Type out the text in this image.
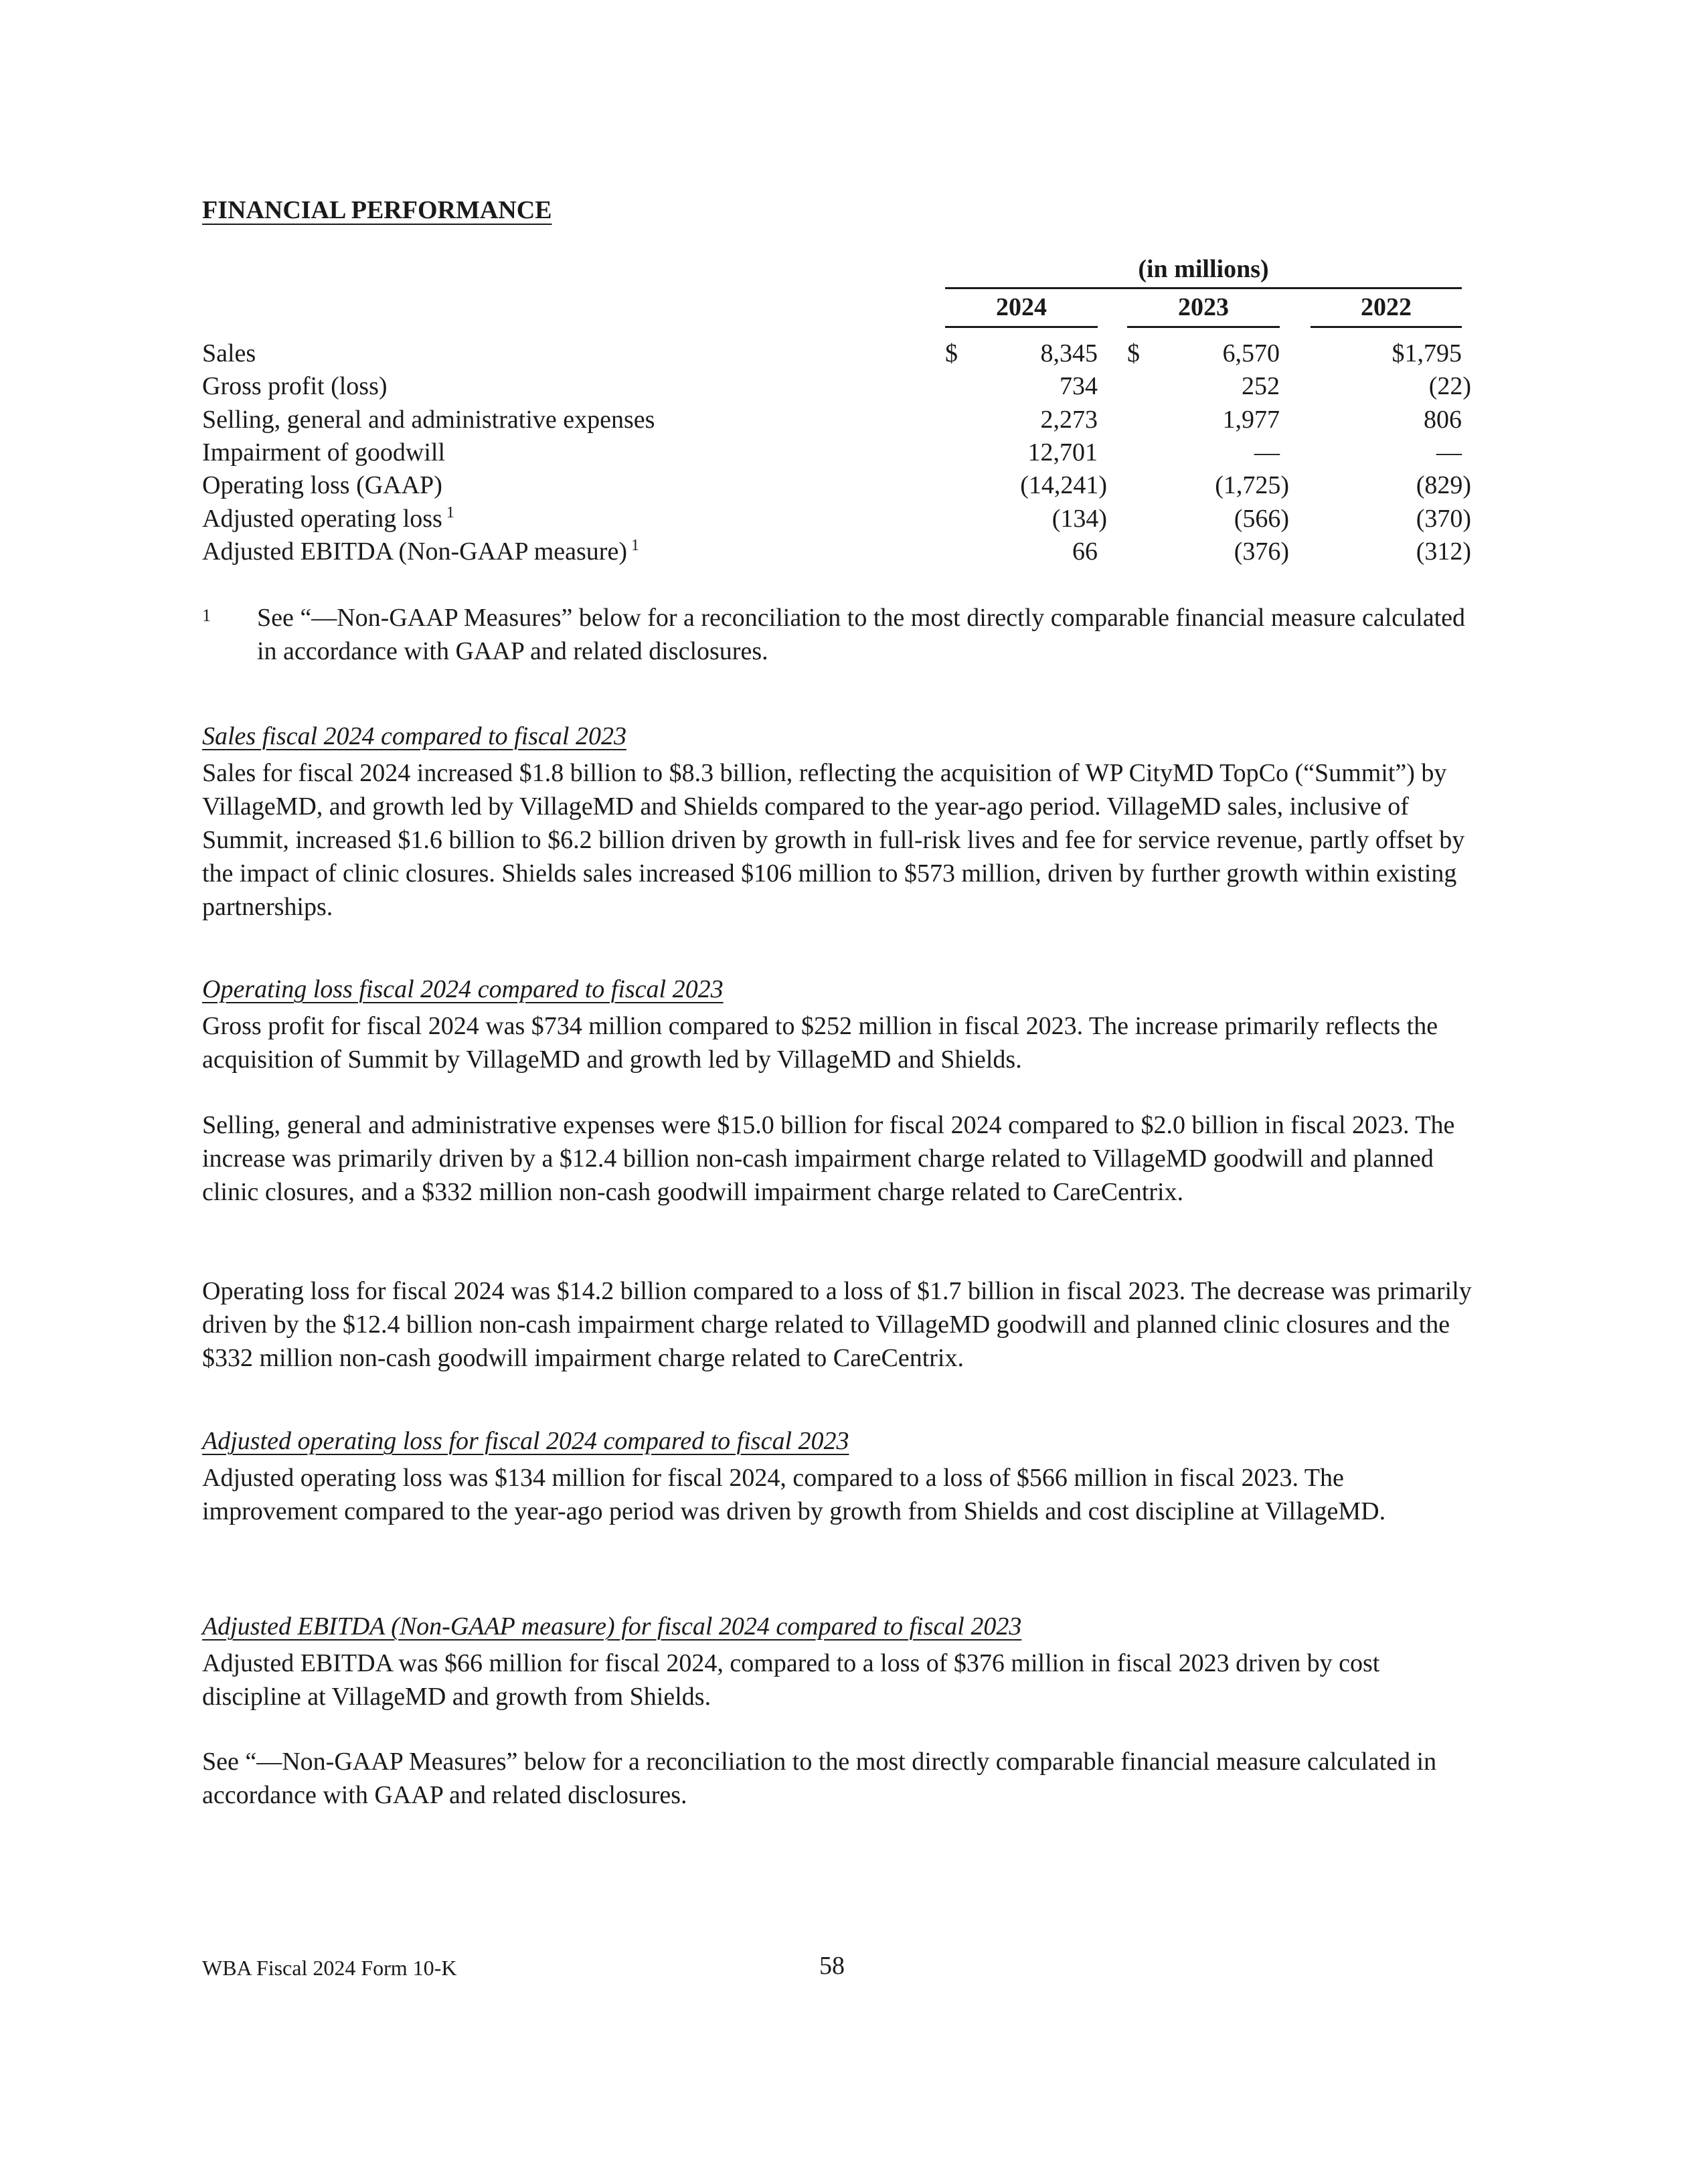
FINANCIAL PERFORMANCE
(in millions)
2024	2023	2022
Sales	8,345	6,570	$1,795
$	$
Gross profit (loss)	734	252	(22)
Selling, general and administrative expenses	2,273	1,977	806
Impairment of goodwill	12,701	—	—
Operating loss (GAAP)	(14,241)	(1,725)	(829)
Adjusted operating loss $^1$	(134)	(566)	(370)
Adjusted EBITDA (Non-GAAP measure) $^1$	66	(376)	(312)
1 See “—Non-GAAP Measures” below for a reconciliation to the most directly comparable financial measure calculated in accordance with GAAP and related disclosures.
Sales fiscal 2024 compared to fiscal 2023
Sales for fiscal 2024 increased $1.8 billion to $8.3 billion, reflecting the acquisition of WP CityMD TopCo (“Summit”) by VillageMD, and growth led by VillageMD and Shields compared to the year-ago period. VillageMD sales, inclusive of Summit, increased $1.6 billion to $6.2 billion driven by growth in full-risk lives and fee for service revenue, partly offset by the impact of clinic closures. Shields sales increased $106 million to $573 million, driven by further growth within existing partnerships.
Operating loss fiscal 2024 compared to fiscal 2023
Gross profit for fiscal 2024 was $734 million compared to $252 million in fiscal 2023. The increase primarily reflects the acquisition of Summit by VillageMD and growth led by VillageMD and Shields.
Selling, general and administrative expenses were $15.0 billion for fiscal 2024 compared to $2.0 billion in fiscal 2023. The increase was primarily driven by a $12.4 billion non-cash impairment charge related to VillageMD goodwill and planned clinic closures, and a $332 million non-cash goodwill impairment charge related to CareCentrix.
Operating loss for fiscal 2024 was $14.2 billion compared to a loss of $1.7 billion in fiscal 2023. The decrease was primarily driven by the $12.4 billion non-cash impairment charge related to VillageMD goodwill and planned clinic closures and the $332 million non-cash goodwill impairment charge related to CareCentrix.
Adjusted operating loss for fiscal 2024 compared to fiscal 2023
Adjusted operating loss was $134 million for fiscal 2024, compared to a loss of $566 million in fiscal 2023. The improvement compared to the year-ago period was driven by growth from Shields and cost discipline at VillageMD.
Adjusted EBITDA (Non-GAAP measure) for fiscal 2024 compared to fiscal 2023
Adjusted EBITDA was $66 million for fiscal 2024, compared to a loss of $376 million in fiscal 2023 driven by cost discipline at VillageMD and growth from Shields.
See “—Non-GAAP Measures” below for a reconciliation to the most directly comparable financial measure calculated in accordance with GAAP and related disclosures.
WBA Fiscal 2024 Form 10-K	58
